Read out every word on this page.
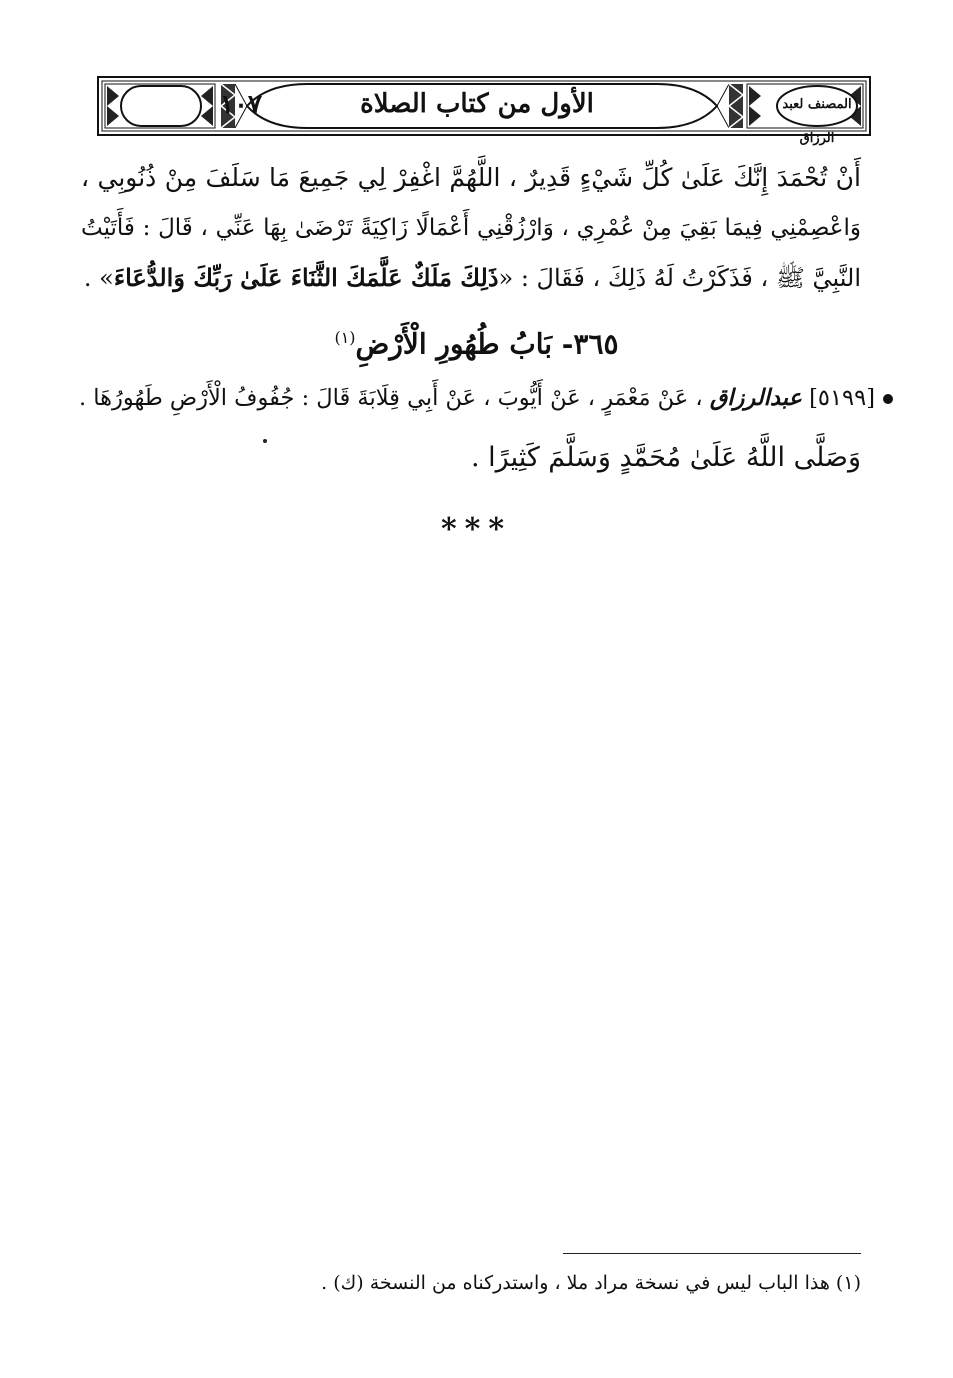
١٠٧	الأول من كتاب الصلاة	المصنف لعبد الرزاق
أَنْ تُحْمَدَ إِنَّكَ عَلَىٰ كُلِّ شَيْءٍ قَدِيرٌ ، اللَّهُمَّ اغْفِرْ لِي جَمِيعَ مَا سَلَفَ مِنْ ذُنُوبِي ،
وَاعْصِمْنِي فِيمَا بَقِيَ مِنْ عُمْرِي ، وَارْزُقْنِي أَعْمَالًا زَاكِيَةً تَرْضَىٰ بِهَا عَنِّي ، قَالَ : فَأَتَيْتُ
النَّبِيَّ ﷺ ، فَذَكَرْتُ لَهُ ذَلِكَ ، فَقَالَ : «ذَلِكَ مَلَكٌ عَلَّمَكَ الثَّنَاءَ عَلَىٰ رَبِّكَ وَالدُّعَاءَ» .
٣٦٥- بَابُ طُهُورِ الْأَرْضِ$^{(١)}$
[٥١٩٩] عبدالرزاق ، عَنْ مَعْمَرٍ ، عَنْ أَيُّوبَ ، عَنْ أَبِي قِلَابَةَ قَالَ : جُفُوفُ الْأَرْضِ طَهُورُهَا .
وَصَلَّى اللَّهُ عَلَىٰ مُحَمَّدٍ وَسَلَّمَ كَثِيرًا .
***
(١) هذا الباب ليس في نسخة مراد ملا ، واستدركناه من النسخة (ك) .
